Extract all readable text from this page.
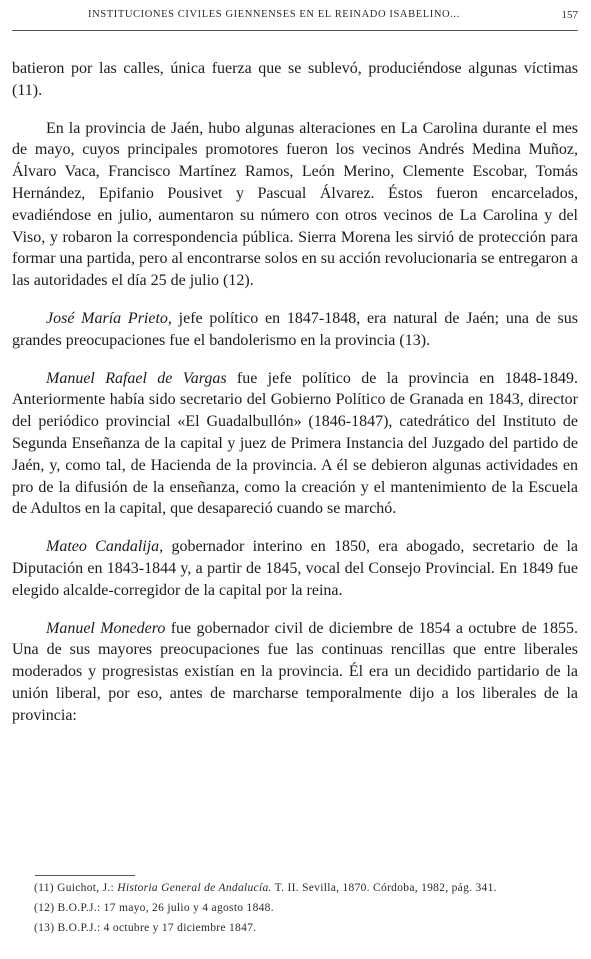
INSTITUCIONES CIVILES GIENNENSES EN EL REINADO ISABELINO...	157

batieron por las calles, única fuerza que se sublevó, produciéndose algunas víctimas (11).

En la provincia de Jaén, hubo algunas alteraciones en La Carolina durante el mes de mayo, cuyos principales promotores fueron los vecinos Andrés Medina Muñoz, Álvaro Vaca, Francisco Martínez Ramos, León Merino, Clemente Escobar, Tomás Hernández, Epifanio Pousivet y Pascual Álvarez. Éstos fueron encarcelados, evadiéndose en julio, aumentaron su número con otros vecinos de La Carolina y del Viso, y robaron la correspondencia pública. Sierra Morena les sirvió de protección para formar una partida, pero al encontrarse solos en su acción revolucionaria se entregaron a las autoridades el día 25 de julio (12).

José María Prieto, jefe político en 1847-1848, era natural de Jaén; una de sus grandes preocupaciones fue el bandolerismo en la provincia (13).

Manuel Rafael de Vargas fue jefe político de la provincia en 1848-1849. Anteriormente había sido secretario del Gobierno Político de Granada en 1843, director del periódico provincial «El Guadalbullón» (1846-1847), catedrático del Instituto de Segunda Enseñanza de la capital y juez de Primera Instancia del Juzgado del partido de Jaén, y, como tal, de Hacienda de la provincia. A él se debieron algunas actividades en pro de la difusión de la enseñanza, como la creación y el mantenimiento de la Escuela de Adultos en la capital, que desapareció cuando se marchó.

Mateo Candalija, gobernador interino en 1850, era abogado, secretario de la Diputación en 1843-1844 y, a partir de 1845, vocal del Consejo Provincial. En 1849 fue elegido alcalde-corregidor de la capital por la reina.

Manuel Monedero fue gobernador civil de diciembre de 1854 a octubre de 1855. Una de sus mayores preocupaciones fue las continuas rencillas que entre liberales moderados y progresistas existían en la provincia. Él era un decidido partidario de la unión liberal, por eso, antes de marcharse temporalmente dijo a los liberales de la provincia:

(11) Guichot, J.: Historia General de Andalucía. T. II. Sevilla, 1870. Córdoba, 1982, pág. 341.

(12) B.O.P.J.: 17 mayo, 26 julio y 4 agosto 1848.

(13) B.O.P.J.: 4 octubre y 17 diciembre 1847.
